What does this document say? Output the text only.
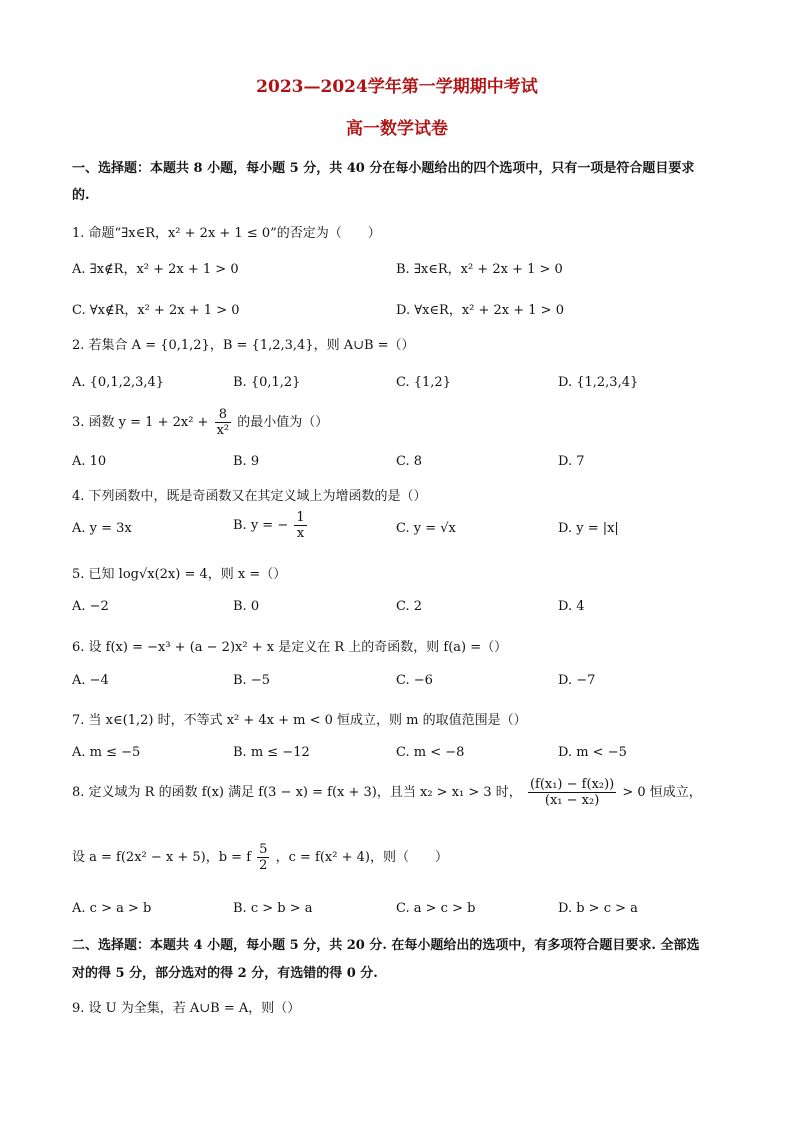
2023—2024学年第一学期期中考试
高一数学试卷
一、选择题：本题共 8 小题，每小题 5 分，共 40 分在每小题给出的四个选项中，只有一项是符合题目要求
的.
1. 命题“∃x∈R，x² + 2x + 1 ≤ 0”的否定为（　　）
A. ∃x∉R，x² + 2x + 1 > 0	B. ∃x∈R，x² + 2x + 1 > 0
C. ∀x∉R，x² + 2x + 1 > 0	D. ∀x∈R，x² + 2x + 1 > 0
2. 若集合 A = {0,1,2}，B = {1,2,3,4}，则 A∪B =（）
A. {0,1,2,3,4}	B. {0,1,2}	C. {1,2}	D. {1,2,3,4}
3. 函数 $y = 1 + 2x^2 + \frac{8}{\text{x²}}$ 的最小值为（）
A. 10	B. 9	C. 8	D. 7
4. 下列函数中，既是奇函数又在其定义域上为增函数的是（）
A. y = 3x	B. y = − $\frac{1}{x}$	C. y = √x	D. y = |x|
5. 已知 log√x(2x) = 4，则 x =（）
A. −2	B. 0	C. 2	D. 4
6. 设 f(x) = −x³ + (a − 2)x² + x 是定义在 R 上的奇函数，则 f(a) =（）
A. −4	B. −5	C. −6	D. −7
7. 当 x∈(1,2) 时，不等式 x² + 4x + m < 0 恒成立，则 m 的取值范围是（）
A. m ≤ −5	B. m ≤ −12	C. m < −8	D. m < −5
8. 定义域为 R 的函数 f(x) 满足 f(3 − x) = f(x + 3)，且当 x₂ > x₁ > 3 时， $\frac{\text{(f(x₁) − f(x₂))}}{\text{(x₁ − x₂)}} > 0$ 恒成立，
设 a = f(2x² − x + 5)，b = f $\frac{5}{2}$ ，c = f(x² + 4)，则（　　）
A. c > a > b	B. c > b > a	C. a > c > b	D. b > c > a
二、选择题：本题共 4 小题，每小题 5 分，共 20 分. 在每小题给出的选项中，有多项符合题目要求. 全部选
对的得 5 分，部分选对的得 2 分，有选错的得 0 分.
9. 设 U 为全集，若 A∪B = A，则（）
